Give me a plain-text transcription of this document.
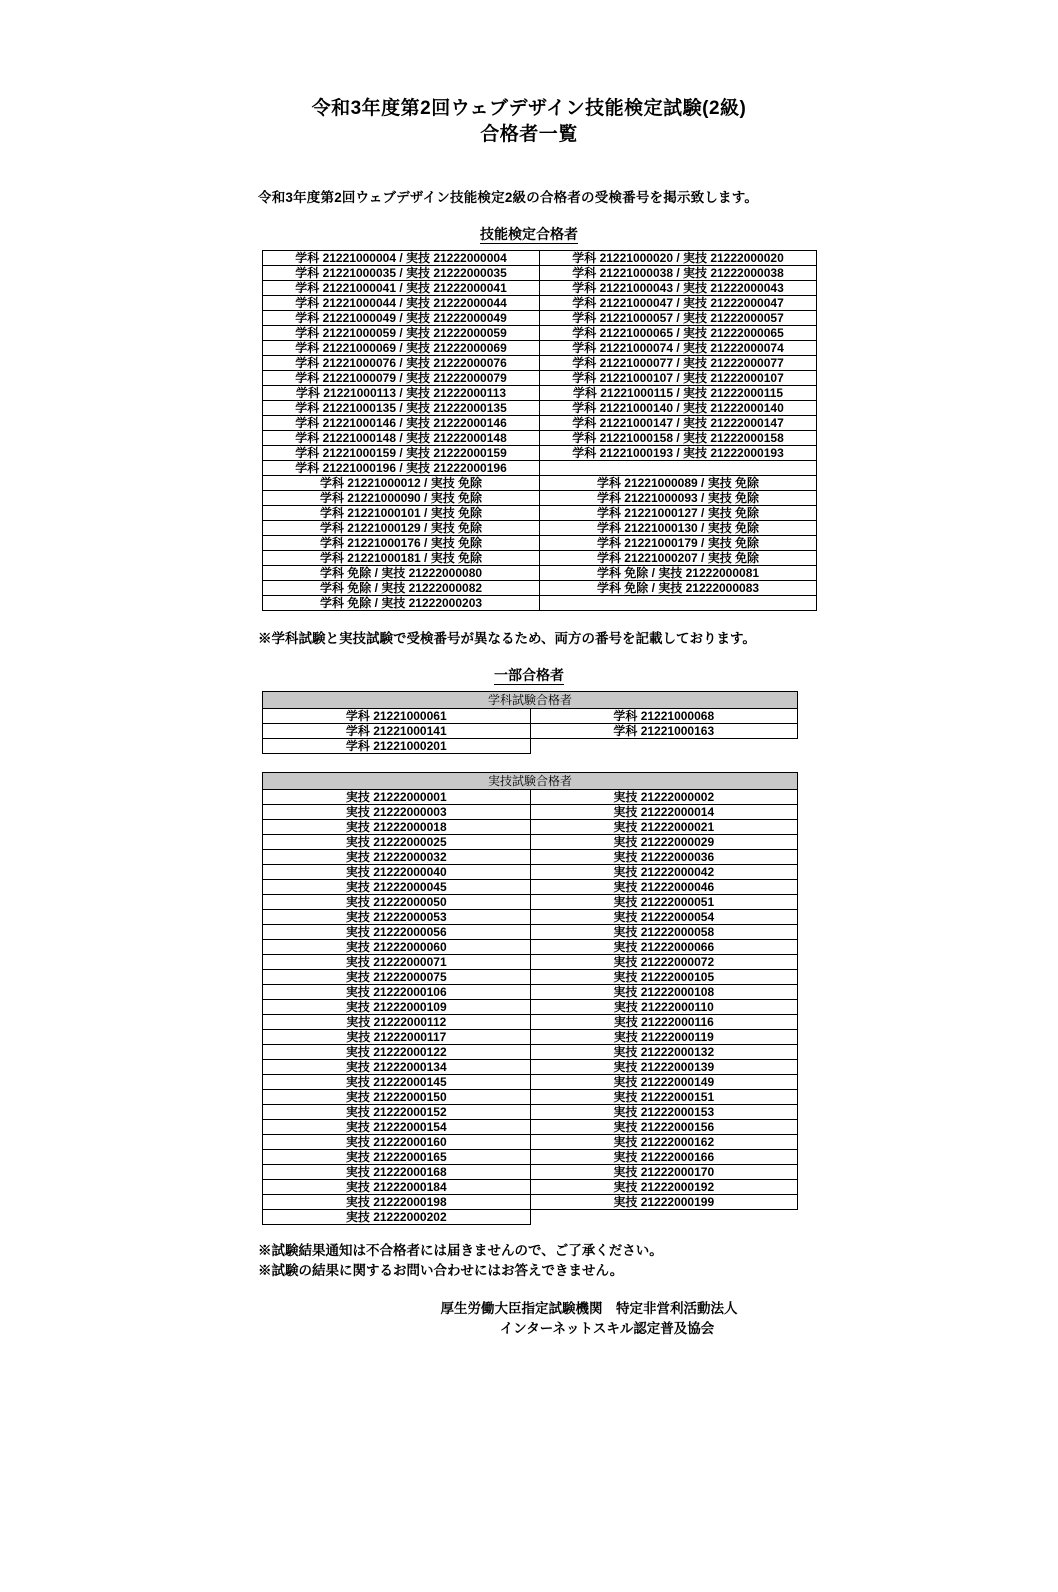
令和3年度第2回ウェブデザイン技能検定試験(2級)
合格者一覧
令和3年度第2回ウェブデザイン技能検定2級の合格者の受検番号を掲示致します。
技能検定合格者
学科 21221000004 / 実技 21222000004	学科 21221000020 / 実技 21222000020
学科 21221000035 / 実技 21222000035	学科 21221000038 / 実技 21222000038
学科 21221000041 / 実技 21222000041	学科 21221000043 / 実技 21222000043
学科 21221000044 / 実技 21222000044	学科 21221000047 / 実技 21222000047
学科 21221000049 / 実技 21222000049	学科 21221000057 / 実技 21222000057
学科 21221000059 / 実技 21222000059	学科 21221000065 / 実技 21222000065
学科 21221000069 / 実技 21222000069	学科 21221000074 / 実技 21222000074
学科 21221000076 / 実技 21222000076	学科 21221000077 / 実技 21222000077
学科 21221000079 / 実技 21222000079	学科 21221000107 / 実技 21222000107
学科 21221000113 / 実技 21222000113	学科 21221000115 / 実技 21222000115
学科 21221000135 / 実技 21222000135	学科 21221000140 / 実技 21222000140
学科 21221000146 / 実技 21222000146	学科 21221000147 / 実技 21222000147
学科 21221000148 / 実技 21222000148	学科 21221000158 / 実技 21222000158
学科 21221000159 / 実技 21222000159	学科 21221000193 / 実技 21222000193
学科 21221000196 / 実技 21222000196	
学科 21221000012 / 実技 免除	学科 21221000089 / 実技 免除
学科 21221000090 / 実技 免除	学科 21221000093 / 実技 免除
学科 21221000101 / 実技 免除	学科 21221000127 / 実技 免除
学科 21221000129 / 実技 免除	学科 21221000130 / 実技 免除
学科 21221000176 / 実技 免除	学科 21221000179 / 実技 免除
学科 21221000181 / 実技 免除	学科 21221000207 / 実技 免除
学科 免除 / 実技 21222000080	学科 免除 / 実技 21222000081
学科 免除 / 実技 21222000082	学科 免除 / 実技 21222000083
学科 免除 / 実技 21222000203	
※学科試験と実技試験で受検番号が異なるため、両方の番号を記載しております。
一部合格者
学科試験合格者	
学科 21221000061	学科 21221000068
学科 21221000141	学科 21221000163
学科 21221000201	
実技試験合格者	
実技 21222000001	実技 21222000002
実技 21222000003	実技 21222000014
実技 21222000018	実技 21222000021
実技 21222000025	実技 21222000029
実技 21222000032	実技 21222000036
実技 21222000040	実技 21222000042
実技 21222000045	実技 21222000046
実技 21222000050	実技 21222000051
実技 21222000053	実技 21222000054
実技 21222000056	実技 21222000058
実技 21222000060	実技 21222000066
実技 21222000071	実技 21222000072
実技 21222000075	実技 21222000105
実技 21222000106	実技 21222000108
実技 21222000109	実技 21222000110
実技 21222000112	実技 21222000116
実技 21222000117	実技 21222000119
実技 21222000122	実技 21222000132
実技 21222000134	実技 21222000139
実技 21222000145	実技 21222000149
実技 21222000150	実技 21222000151
実技 21222000152	実技 21222000153
実技 21222000154	実技 21222000156
実技 21222000160	実技 21222000162
実技 21222000165	実技 21222000166
実技 21222000168	実技 21222000170
実技 21222000184	実技 21222000192
実技 21222000198	実技 21222000199
実技 21222000202	
※試験結果通知は不合格者には届きませんので、ご了承ください。
※試験の結果に関するお問い合わせにはお答えできません。
厚生労働大臣指定試験機関　特定非営利活動法人
インターネットスキル認定普及協会
